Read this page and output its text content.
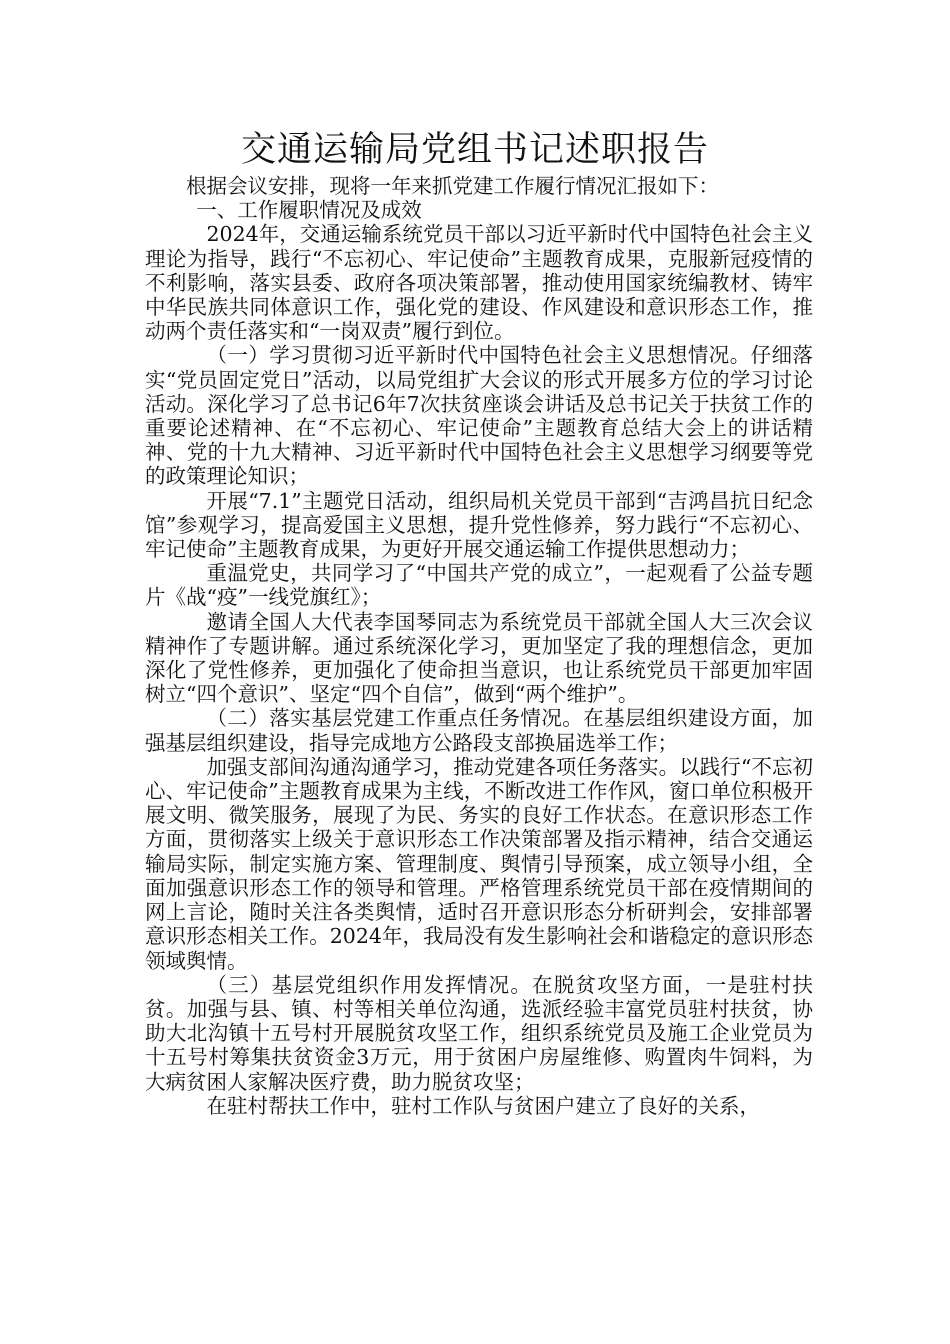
交通运输局党组书记述职报告

根据会议安排，现将一年来抓党建工作履行情况汇报如下：

一、工作履职情况及成效

2024年，交通运输系统党员干部以习近平新时代中国特色社会主义理论为指导，践行“不忘初心、牢记使命”主题教育成果，克服新冠疫情的不利影响，落实县委、政府各项决策部署，推动使用国家统编教材、铸牢中华民族共同体意识工作，强化党的建设、作风建设和意识形态工作，推动两个责任落实和“一岗双责”履行到位。

（一）学习贯彻习近平新时代中国特色社会主义思想情况。仔细落实“党员固定党日”活动，以局党组扩大会议的形式开展多方位的学习讨论活动。深化学习了总书记6年7次扶贫座谈会讲话及总书记关于扶贫工作的重要论述精神、在“不忘初心、牢记使命”主题教育总结大会上的讲话精神、党的十九大精神、习近平新时代中国特色社会主义思想学习纲要等党的政策理论知识；

开展“7.1”主题党日活动，组织局机关党员干部到“吉鸿昌抗日纪念馆”参观学习，提高爱国主义思想，提升党性修养，努力践行“不忘初心、牢记使命”主题教育成果，为更好开展交通运输工作提供思想动力；

重温党史，共同学习了“中国共产党的成立”，一起观看了公益专题片《战“疫”一线党旗红》；

邀请全国人大代表李国琴同志为系统党员干部就全国人大三次会议精神作了专题讲解。通过系统深化学习，更加坚定了我的理想信念，更加深化了党性修养，更加强化了使命担当意识，也让系统党员干部更加牢固树立“四个意识”、坚定“四个自信”，做到“两个维护”。

（二）落实基层党建工作重点任务情况。在基层组织建设方面，加强基层组织建设，指导完成地方公路段支部换届选举工作；

加强支部间沟通沟通学习，推动党建各项任务落实。以践行“不忘初心、牢记使命”主题教育成果为主线，不断改进工作作风，窗口单位积极开展文明、微笑服务，展现了为民、务实的良好工作状态。在意识形态工作方面，贯彻落实上级关于意识形态工作决策部署及指示精神，结合交通运输局实际，制定实施方案、管理制度、舆情引导预案，成立领导小组，全面加强意识形态工作的领导和管理。严格管理系统党员干部在疫情期间的网上言论，随时关注各类舆情，适时召开意识形态分析研判会，安排部署意识形态相关工作。2024年，我局没有发生影响社会和谐稳定的意识形态领域舆情。

（三）基层党组织作用发挥情况。在脱贫攻坚方面，一是驻村扶贫。加强与县、镇、村等相关单位沟通，选派经验丰富党员驻村扶贫，协助大北沟镇十五号村开展脱贫攻坚工作，组织系统党员及施工企业党员为十五号村筹集扶贫资金3万元，用于贫困户房屋维修、购置肉牛饲料，为大病贫困人家解决医疗费，助力脱贫攻坚；

在驻村帮扶工作中，驻村工作队与贫困户建立了良好的关系，
